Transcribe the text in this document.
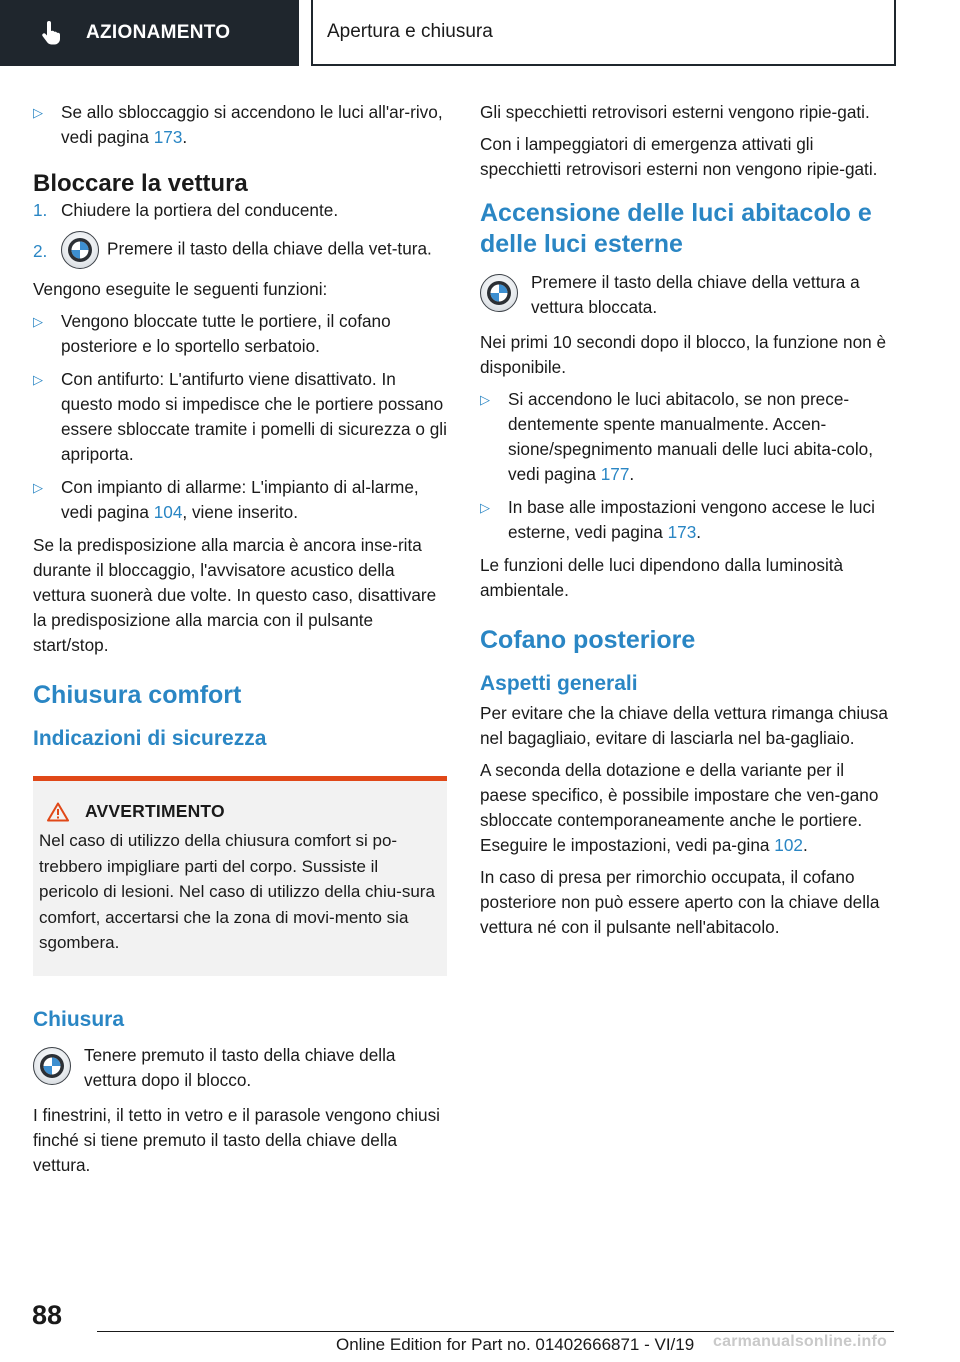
AZIONAMENTO	Apertura e chiusura
▷	Se allo sbloccaggio si accendono le luci all'ar-rivo, vedi pagina 173.
Bloccare la vettura
1. Chiudere la portiera del conducente.
2.	Premere il tasto della chiave della vet-tura.

Vengono eseguite le seguenti funzioni:

▷	Vengono bloccate tutte le portiere, il cofano posteriore e lo sportello serbatoio.
▷	Con antifurto: L'antifurto viene disattivato. In questo modo si impedisce che le portiere possano essere sbloccate tramite i pomelli di sicurezza o gli apriporta.
▷	Con impianto di allarme: L'impianto di al-larme, vedi pagina 104, viene inserito.

Se la predisposizione alla marcia è ancora inse-rita durante il bloccaggio, l'avvisatore acustico della vettura suonerà due volte. In questo caso, disattivare la predisposizione alla marcia con il pulsante start/stop.

Chiusura comfort
Indicazioni di sicurezza
AVVERTIMENTO

Nel caso di utilizzo della chiusura comfort si po-trebbero impigliare parti del corpo. Sussiste il pericolo di lesioni. Nel caso di utilizzo della chiu-sura comfort, accertarsi che la zona di movi-mento sia sgombera.

Chiusura
Tenere premuto il tasto della chiave della vettura dopo il blocco.

I finestrini, il tetto in vetro e il parasole vengono chiusi finché si tiene premuto il tasto della chiave della vettura.

Gli specchietti retrovisori esterni vengono ripie-gati.

Con i lampeggiatori di emergenza attivati gli specchietti retrovisori esterni non vengono ripie-gati.

Accensione delle luci abitacolo e delle luci esterne
Premere il tasto della chiave della vettura a vettura bloccata.

Nei primi 10 secondi dopo il blocco, la funzione non è disponibile.

▷	Si accendono le luci abitacolo, se non prece-dentemente spente manualmente. Accen-sione/spegnimento manuali delle luci abita-colo, vedi pagina 177.
▷	In base alle impostazioni vengono accese le luci esterne, vedi pagina 173.

Le funzioni delle luci dipendono dalla luminosità ambientale.

Cofano posteriore
Aspetti generali

Per evitare che la chiave della vettura rimanga chiusa nel bagagliaio, evitare di lasciarla nel ba-gagliaio.

A seconda della dotazione e della variante per il paese specifico, è possibile impostare che ven-gano sbloccate contemporaneamente anche le portiere. Eseguire le impostazioni, vedi pa-gina 102.

In caso di presa per rimorchio occupata, il cofano posteriore non può essere aperto con la chiave della vettura né con il pulsante nell'abitacolo.

88
Online Edition for Part no. 01402666871 - VI/19 carmanualsonline.info
